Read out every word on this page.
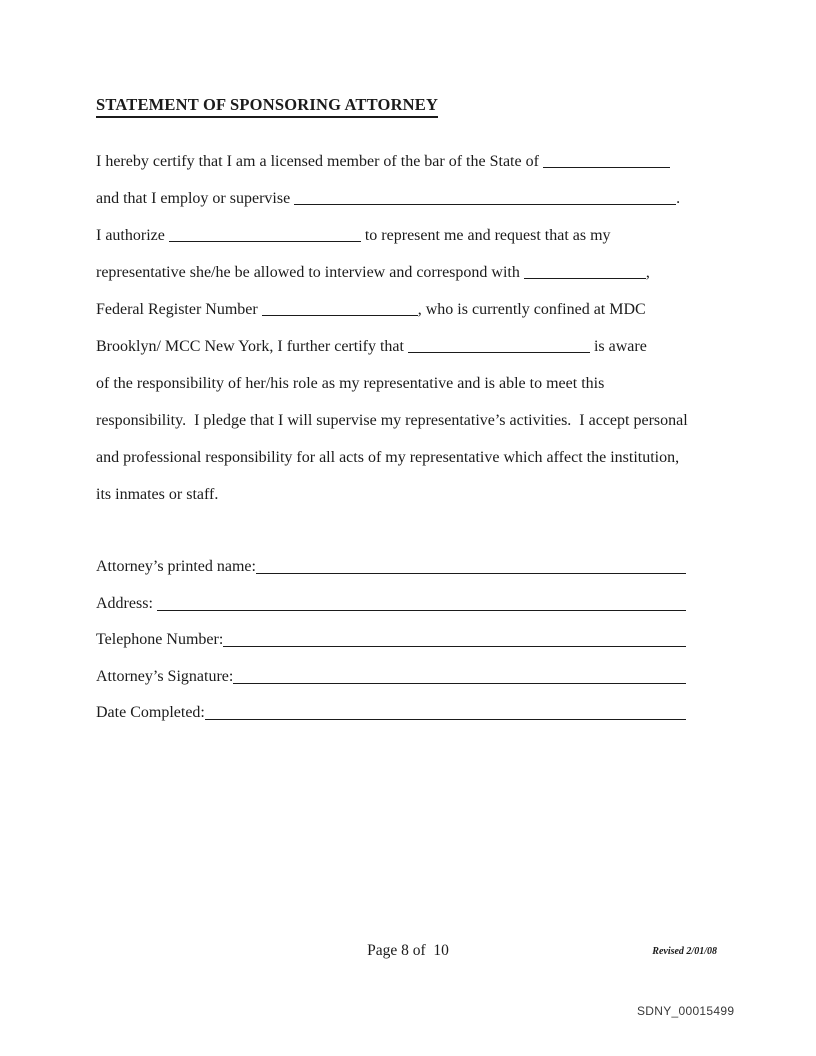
STATEMENT OF SPONSORING ATTORNEY
I hereby certify that I am a licensed member of the bar of the State of
and that I employ or supervise	.
I authorize	to represent me and request that as my
representative she/he be allowed to interview and correspond with	,
Federal Register Number	, who is currently confined at MDC
Brooklyn/ MCC New York, I further certify that	is aware
of the responsibility of her/his role as my representative and is able to meet this
responsibility.  I pledge that I will supervise my representative’s activities.  I accept personal
and professional responsibility for all acts of my representative which affect the institution,
its inmates or staff.
Attorney’s printed name:
Address:
Telephone Number:
Attorney’s Signature:
Date Completed:
Page 8 of  10	Revised 2/01/08
SDNY_00015499
